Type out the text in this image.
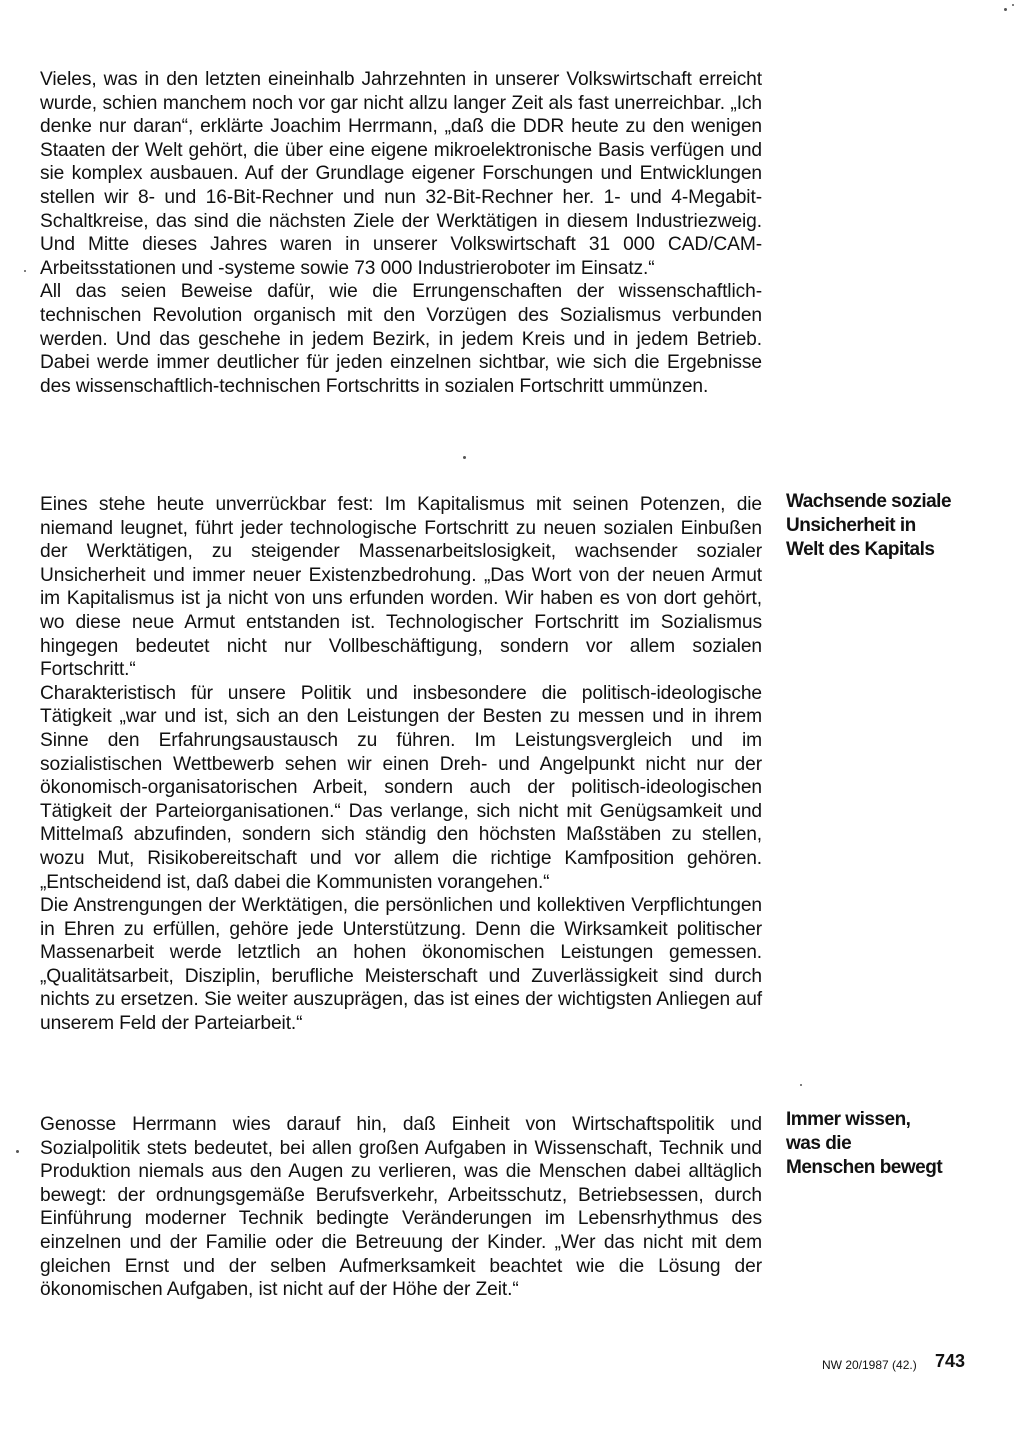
Vieles, was in den letzten eineinhalb Jahrzehnten in unserer Volkswirtschaft erreicht wurde, schien manchem noch vor gar nicht allzu langer Zeit als fast unerreichbar. „Ich denke nur daran“, erklärte Joachim Herrmann, „daß die DDR heute zu den wenigen Staaten der Welt gehört, die über eine eigene mikroelektronische Basis verfügen und sie komplex ausbauen. Auf der Grundlage eigener Forschungen und Entwicklungen stellen wir 8- und 16-Bit-Rechner und nun 32-Bit-Rechner her. 1- und 4-Megabit-Schaltkreise, das sind die nächsten Ziele der Werktätigen in diesem Industriezweig. Und Mitte dieses Jahres waren in unserer Volkswirtschaft 31 000 CAD/CAM-Arbeitsstationen und -systeme sowie 73 000 Industrieroboter im Einsatz.“

All das seien Beweise dafür, wie die Errungenschaften der wissenschaftlich-technischen Revolution organisch mit den Vorzügen des Sozialismus verbunden werden. Und das geschehe in jedem Bezirk, in jedem Kreis und in jedem Betrieb. Dabei werde immer deutlicher für jeden einzelnen sichtbar, wie sich die Ergebnisse des wissenschaftlich-technischen Fortschritts in sozialen Fortschritt ummünzen.

Eines stehe heute unverrückbar fest: Im Kapitalismus mit seinen Potenzen, die niemand leugnet, führt jeder technologische Fortschritt zu neuen sozialen Einbußen der Werktätigen, zu steigender Massenarbeitslosigkeit, wachsender sozialer Unsicherheit und immer neuer Existenzbedrohung. „Das Wort von der neuen Armut im Kapitalismus ist ja nicht von uns erfunden worden. Wir haben es von dort gehört, wo diese neue Armut entstanden ist. Technologischer Fortschritt im Sozialismus hingegen bedeutet nicht nur Vollbeschäftigung, sondern vor allem sozialen Fortschritt.“

Charakteristisch für unsere Politik und insbesondere die politisch-ideologische Tätigkeit „war und ist, sich an den Leistungen der Besten zu messen und in ihrem Sinne den Erfahrungsaustausch zu führen. Im Leistungsvergleich und im sozialistischen Wettbewerb sehen wir einen Dreh- und Angelpunkt nicht nur der ökonomisch-organisatorischen Arbeit, sondern auch der politisch-ideologischen Tätigkeit der Parteiorganisationen.“ Das verlange, sich nicht mit Genügsamkeit und Mittelmaß abzufinden, sondern sich ständig den höchsten Maßstäben zu stellen, wozu Mut, Risikobereitschaft und vor allem die richtige Kamfposition gehören. „Entscheidend ist, daß dabei die Kommunisten vorangehen.“

Die Anstrengungen der Werktätigen, die persönlichen und kollektiven Verpflichtungen in Ehren zu erfüllen, gehöre jede Unterstützung. Denn die Wirksamkeit politischer Massenarbeit werde letztlich an hohen ökonomischen Leistungen gemessen. „Qualitätsarbeit, Disziplin, berufliche Meisterschaft und Zuverlässigkeit sind durch nichts zu ersetzen. Sie weiter auszuprägen, das ist eines der wichtigsten Anliegen auf unserem Feld der Parteiarbeit.“

Genosse Herrmann wies darauf hin, daß Einheit von Wirtschaftspolitik und Sozialpolitik stets bedeutet, bei allen großen Aufgaben in Wissenschaft, Technik und Produktion niemals aus den Augen zu verlieren, was die Menschen dabei alltäglich bewegt: der ordnungsgemäße Berufsverkehr, Arbeitsschutz, Betriebsessen, durch Einführung moderner Technik bedingte Veränderungen im Lebensrhythmus des einzelnen und der Familie oder die Betreuung der Kinder. „Wer das nicht mit dem gleichen Ernst und der selben Aufmerksamkeit beachtet wie die Lösung der ökonomischen Aufgaben, ist nicht auf der Höhe der Zeit.“

Wachsende soziale
Unsicherheit in
Welt des Kapitals
Immer wissen,
was die
Menschen bewegt
NW 20/1987 (42.) 743
